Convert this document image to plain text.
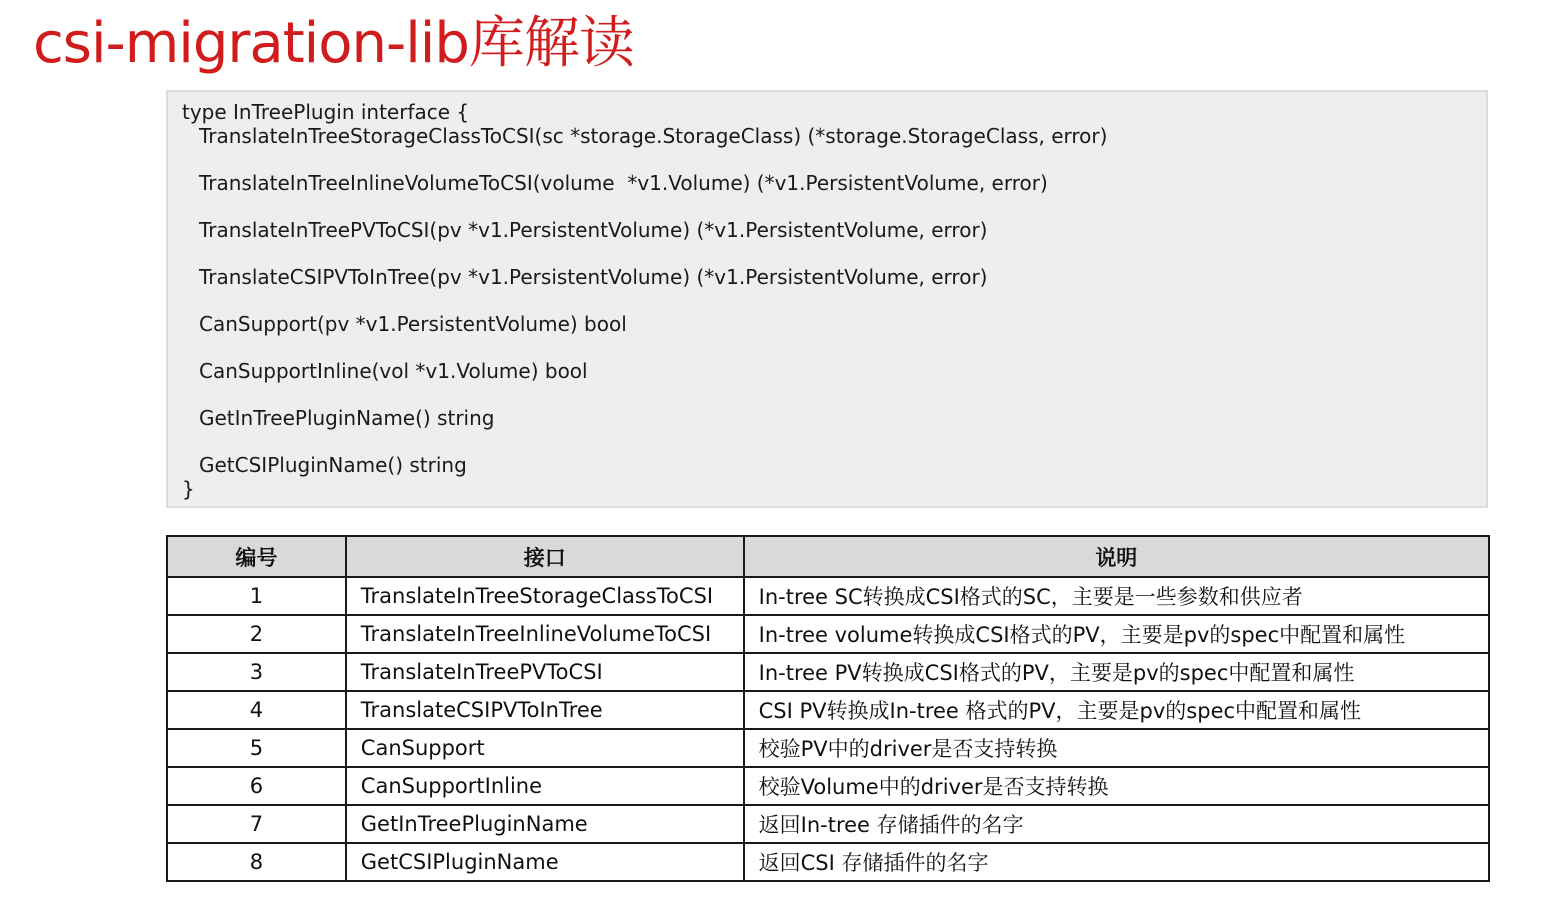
csi-migration-lib库解读
type InTreePlugin interface {
TranslateInTreeStorageClassToCSI(sc *storage.StorageClass) (*storage.StorageClass, error)
TranslateInTreeInlineVolumeToCSI(volume  *v1.Volume) (*v1.PersistentVolume, error)
TranslateInTreePVToCSI(pv *v1.PersistentVolume) (*v1.PersistentVolume, error)
TranslateCSIPVToInTree(pv *v1.PersistentVolume) (*v1.PersistentVolume, error)
CanSupport(pv *v1.PersistentVolume) bool
CanSupportInline(vol *v1.Volume) bool
GetInTreePluginName() string
GetCSIPluginName() string
}
编号	接口	说明
1	TranslateInTreeStorageClassToCSI	In-tree SC转换成CSI格式的SC，主要是一些参数和供应者
2	TranslateInTreeInlineVolumeToCSI	In-tree volume转换成CSI格式的PV，主要是pv的spec中配置和属性
3	TranslateInTreePVToCSI	In-tree PV转换成CSI格式的PV，主要是pv的spec中配置和属性
4	TranslateCSIPVToInTree	CSI PV转换成In-tree 格式的PV，主要是pv的spec中配置和属性
5	CanSupport	校验PV中的driver是否支持转换
6	CanSupportInline	校验Volume中的driver是否支持转换
7	GetInTreePluginName	返回In-tree 存储插件的名字
8	GetCSIPluginName	返回CSI 存储插件的名字
